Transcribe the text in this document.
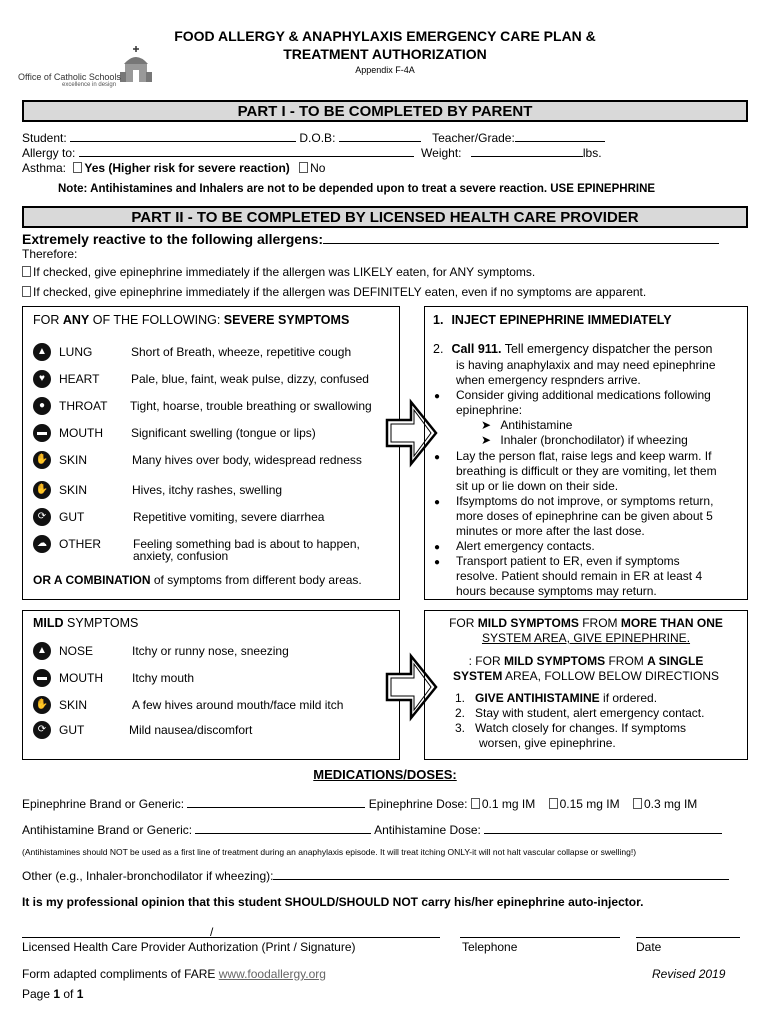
FOOD ALLERGY & ANAPHYLAXIS EMERGENCY CARE PLAN &
TREATMENT AUTHORIZATION
Appendix F-4A
Office of Catholic Schools
excellence in design
PART I - TO BE COMPLETED BY PARENT
Student:	D.O.B:	Teacher/Grade:
Allergy to:	Weight:	lbs.
Asthma: Yes (Higher risk for severe reaction) No
Note: Antihistamines and Inhalers are not to be depended upon to treat a severe reaction. USE EPINEPHRINE
PART II - TO BE COMPLETED BY LICENSED HEALTH CARE PROVIDER
Extremely reactive to the following allergens:
Therefore:
If checked, give epinephrine immediately if the allergen was LIKELY eaten, for ANY symptoms.
If checked, give epinephrine immediately if the allergen was DEFINITELY eaten, even if no symptoms are apparent.
FOR ANY OF THE FOLLOWING: SEVERE SYMPTOMS
▲	LUNG	Short of Breath, wheeze, repetitive cough
♥	HEART	Pale, blue, faint, weak pulse, dizzy, confused
●	THROAT Tight, hoarse, trouble breathing or swallowing
▬	MOUTH Significant swelling (tongue or lips)
✋ SKIN	Many hives over body, widespread redness
✋ SKIN	Hives, itchy rashes, swelling
⟳	GUT	Repetitive vomiting, severe diarrhea
☁	OTHER	Feeling something bad is about to happen,
anxiety, confusion
OR A COMBINATION of symptoms from different body areas.
1. INJECT EPINEPHRINE IMMEDIATELY
2. Call 911. Tell emergency dispatcher the person
is having anaphylaxix and may need epinephrine
when emergency respnders arrive.
● Consider giving additional medications following
epinephrine:
➤ Antihistamine
➤ Inhaler (bronchodilator) if wheezing
● Lay the person flat, raise legs and keep warm. If
breathing is difficult or they are vomiting, let them
sit up or lie down on their side.
● Ifsymptoms do not improve, or symptoms return,
more doses of epinephrine can be given about 5
minutes or more after the last dose.
● Alert emergency contacts.
● Transport patient to ER, even if symptoms
resolve. Patient should remain in ER at least 4
hours because symptoms may return.
MILD SYMPTOMS
▲	NOSE	Itchy or runny nose, sneezing
▬	MOUTH Itchy mouth
✋ SKIN	A few hives around mouth/face mild itch
⟳	GUT	Mild nausea/discomfort
FOR MILD SYMPTOMS FROM MORE THAN ONE
SYSTEM AREA, GIVE EPINEPHRINE.
: FOR MILD SYMPTOMS FROM A SINGLE
SYSTEM AREA, FOLLOW BELOW DIRECTIONS
1. GIVE ANTIHISTAMINE if ordered.
2. Stay with student, alert emergency contact.
3. Watch closely for changes. If symptoms
worsen, give epinephrine.
MEDICATIONS/DOSES:
Epinephrine Brand or Generic:	Epinephrine Dose: 0.1 mg IM 0.15 mg IM 0.3 mg IM
Antihistamine Brand or Generic:	Antihistamine Dose:
(Antihistamines should NOT be used as a first line of treatment during an anaphylaxis episode. It will treat itching ONLY-it will not halt vascular collapse or swelling!)
Other (e.g., Inhaler-bronchodilator if wheezing):
It is my professional opinion that this student SHOULD/SHOULD NOT carry his/her epinephrine auto-injector.
/
Licensed Health Care Provider Authorization (Print / Signature)	Telephone	Date
Form adapted compliments of FARE www.foodallergy.org	Revised 2019
Page 1 of 1
